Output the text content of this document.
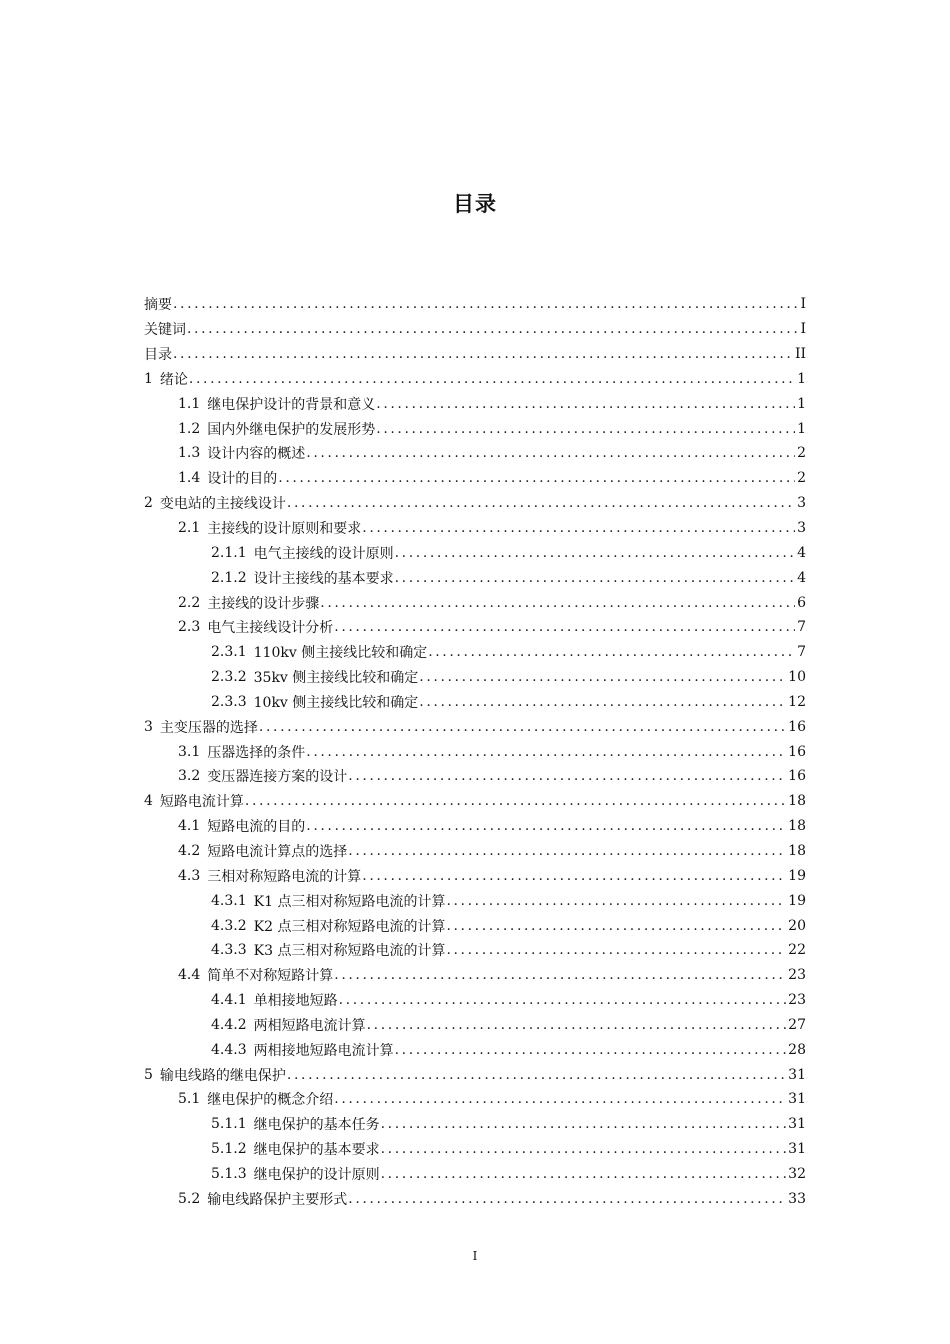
目录
摘要 .....	I
关键词 .....	I
目录 .....	II
1 绪论 .....	1
1.1 继电保护设计的背景和意义 .....	1
1.2 国内外继电保护的发展形势 .....	1
1.3 设计内容的概述 .....	2
1.4 设计的目的 .....	2
2 变电站的主接线设计 .....	3
2.1 主接线的设计原则和要求 .....	3
2.1.1 电气主接线的设计原则 .....	4
2.1.2 设计主接线的基本要求 .....	4
2.2 主接线的设计步骤 .....	6
2.3 电气主接线设计分析 .....	7
2.3.1 110kv 侧主接线比较和确定 .....	7
2.3.2 35kv 侧主接线比较和确定 .....	10
2.3.3 10kv 侧主接线比较和确定 .....	12
3 主变压器的选择 .....	16
3.1 压器选择的条件 .....	16
3.2 变压器连接方案的设计 .....	16
4 短路电流计算 .....	18
4.1 短路电流的目的 .....	18
4.2 短路电流计算点的选择 .....	18
4.3 三相对称短路电流的计算 .....	19
4.3.1 K1 点三相对称短路电流的计算 .....	19
4.3.2 K2 点三相对称短路电流的计算 .....	20
4.3.3 K3 点三相对称短路电流的计算 .....	22
4.4 简单不对称短路计算 .....	23
4.4.1 单相接地短路 .....	23
4.4.2 两相短路电流计算 .....	27
4.4.3 两相接地短路电流计算 .....	28
5 输电线路的继电保护 .....	31
5.1 继电保护的概念介绍 .....	31
5.1.1 继电保护的基本任务 .....	31
5.1.2 继电保护的基本要求 .....	31
5.1.3 继电保护的设计原则 .....	32
5.2 输电线路保护主要形式 .....	33
I
